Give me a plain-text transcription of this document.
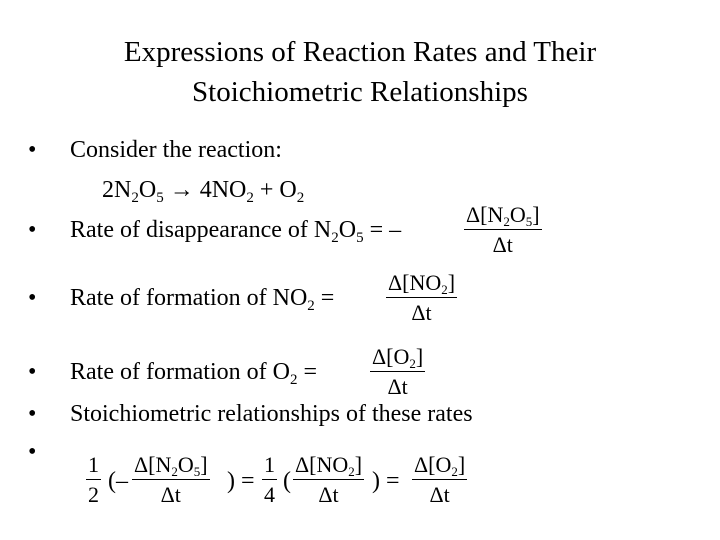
Expressions of Reaction Rates and Their
Stoichiometric Relationships
• Consider the reaction:
$2N_2O_5 \to 4NO_2 + O_2$
• Rate of disappearance of $N_2O_5$ = –	$\frac{\Delta[N_2O_5]}{\Delta t}$
• Rate of formation of $NO_2 = \frac{\Delta[NO_2]}{\Delta t}$
• Rate of formation of $O_2 = \frac{\Delta[O_2]}{\Delta t}$
• Stoichiometric relationships of these rates
• $\frac{1}{2}$ (– $\frac{\Delta[N_2O_5]}{\Delta t}$ ) = $\frac{1}{4}$ ( $\frac{\Delta[NO_2]}{\Delta t}$ ) = $\frac{\Delta[O_2]}{\Delta t}$
